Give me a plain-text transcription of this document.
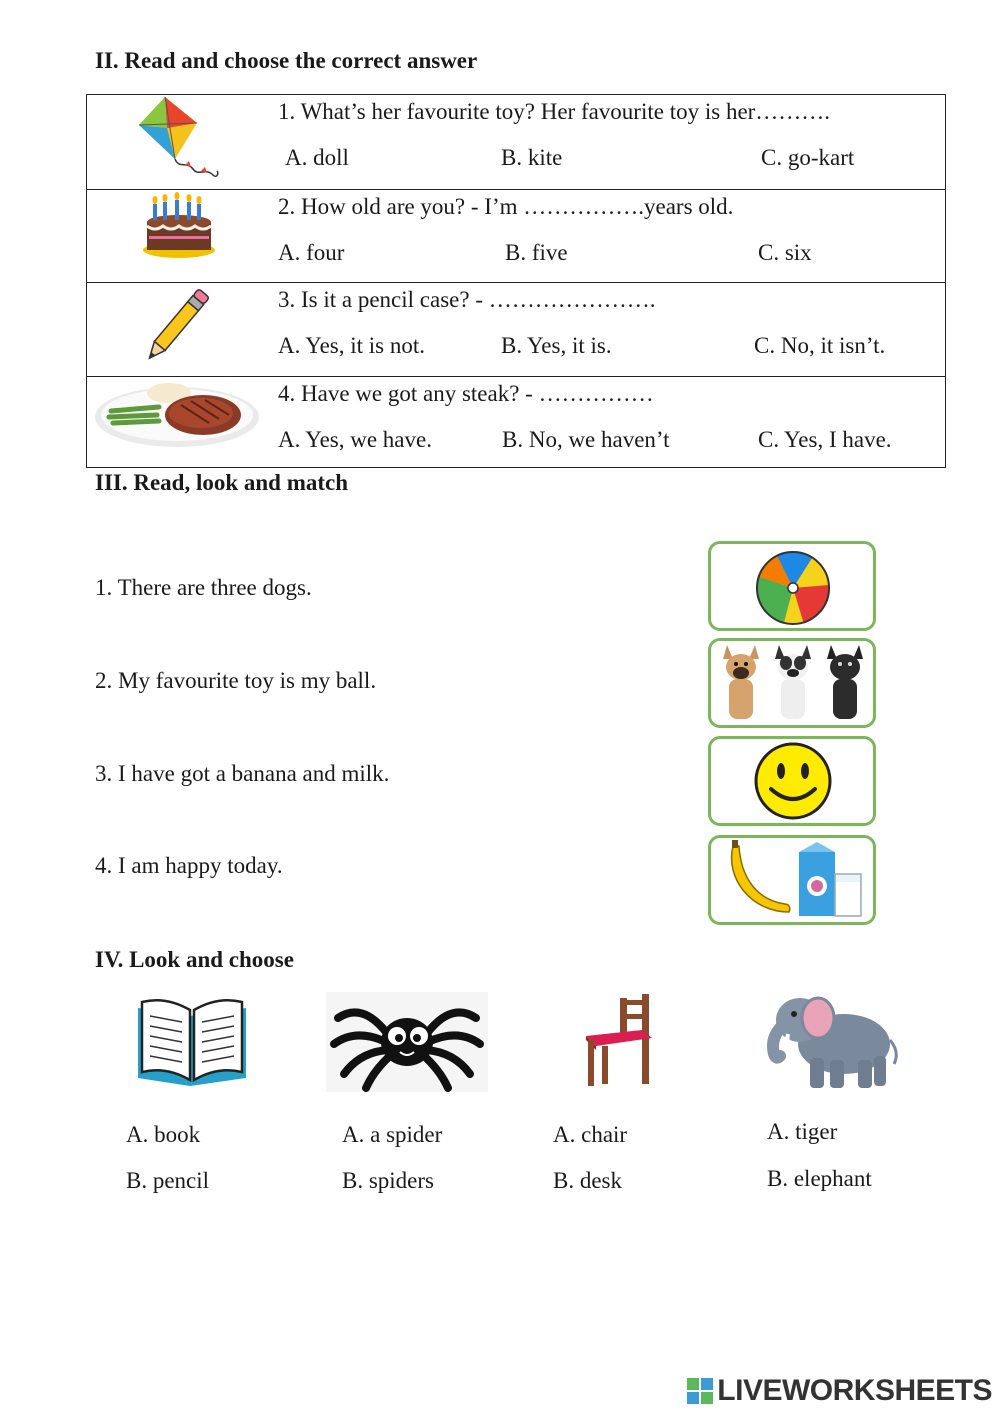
II. Read and choose the correct answer
1. What’s her favourite toy? Her favourite toy is her……….
A. doll	B. kite	C. go-kart
2. How old are you? - I’m …………….years old.
A. four	B. five	C. six
3. Is it a pencil case? - ………………….
A. Yes, it is not.	B. Yes, it is.	C. No, it isn’t.
4. Have we got any steak? - ……………
A. Yes, we have.	B. No, we haven’t	C. Yes, I have.
III. Read, look and match
1. There are three dogs.
2. My favourite toy is my ball.
3. I have got a banana and milk.
4. I am happy today.
IV. Look and choose
A. book
B. pencil
A. a spider
B. spiders
A. chair
B. desk
A. tiger
B. elephant
LIVEWORKSHEETS
